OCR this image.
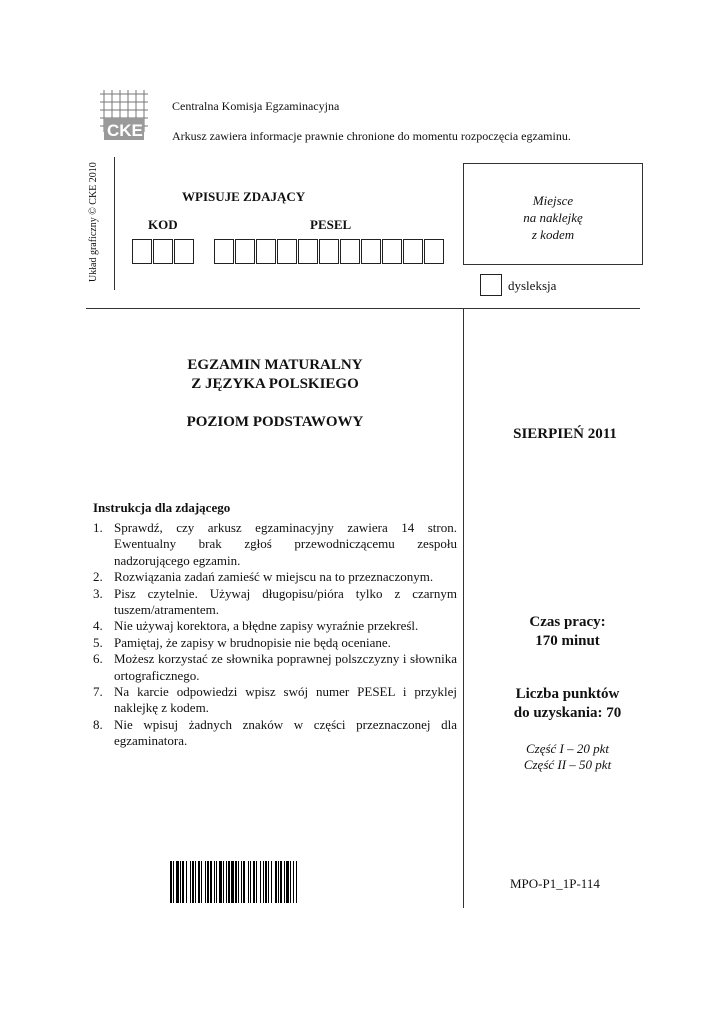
CKE
Centralna Komisja Egzaminacyjna
Arkusz zawiera informacje prawnie chronione do momentu rozpoczęcia egzaminu.
Układ graficzny © CKE 2010	WPISUJE ZDAJĄCY
KOD	PESEL
Miejsce
na naklejkę
z kodem
dysleksja
EGZAMIN MATURALNY
Z JĘZYKA POLSKIEGO
POZIOM PODSTAWOWY
SIERPIEŃ 2011
Instrukcja dla zdającego
1. Sprawdź, czy arkusz egzaminacyjny zawiera 14 stron. Ewentualny brak zgłoś przewodniczącemu zespołu nadzorującego egzamin.
2. Rozwiązania zadań zamieść w miejscu na to przeznaczonym.
3. Pisz czytelnie. Używaj długopisu/pióra tylko z czarnym tuszem/atramentem.
4. Nie używaj korektora, a błędne zapisy wyraźnie przekreśl.
5. Pamiętaj, że zapisy w brudnopisie nie będą oceniane.
6. Możesz korzystać ze słownika poprawnej polszczyzny i słownika ortograficznego.
7. Na karcie odpowiedzi wpisz swój numer PESEL i przyklej naklejkę z kodem.
8. Nie wpisuj żadnych znaków w części przeznaczonej dla egzaminatora.
Czas pracy:
170 minut
Liczba punktów
do uzyskania: 70
Część I – 20 pkt
Część II – 50 pkt
MPO-P1_1P-114
